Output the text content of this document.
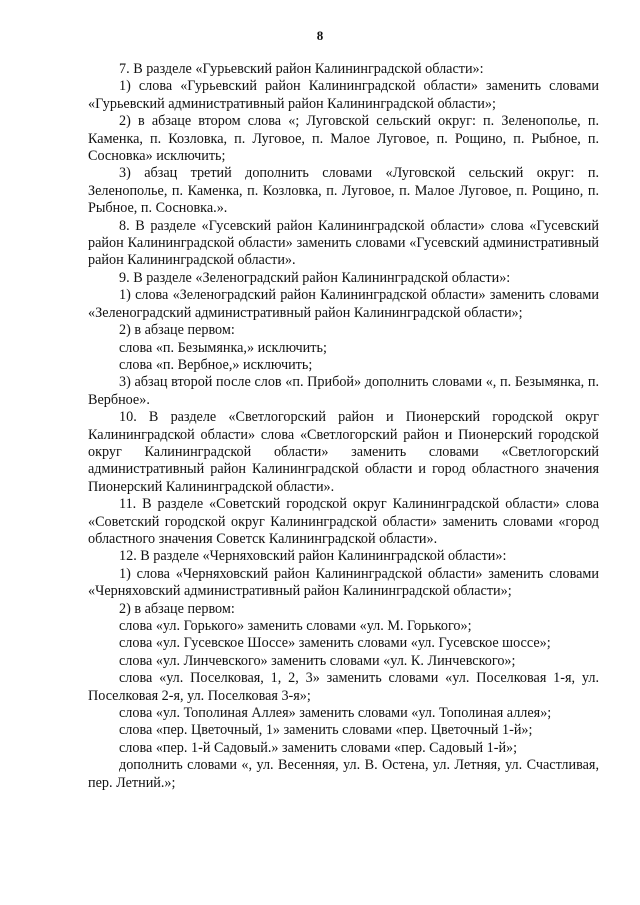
8

7. В разделе «Гурьевский район Калининградской области»:

1) слова «Гурьевский район Калининградской области» заменить словами «Гурьевский административный район Калининградской области»;

2) в абзаце втором слова «; Луговской сельский округ: п. Зеленополье, п. Каменка, п. Козловка, п. Луговое, п. Малое Луговое, п. Рощино, п. Рыбное, п. Сосновка» исключить;

3) абзац третий дополнить словами «Луговской сельский округ: п. Зеленополье, п. Каменка, п. Козловка, п. Луговое, п. Малое Луговое, п. Рощино, п. Рыбное, п. Сосновка.».

8. В разделе «Гусевский район Калининградской области» слова «Гусевский район Калининградской области» заменить словами «Гусевский административный район Калининградской области».

9. В разделе «Зеленоградский район Калининградской области»:

1) слова «Зеленоградский район Калининградской области» заменить словами «Зеленоградский административный район Калининградской области»;

2) в абзаце первом:

слова «п. Безымянка,» исключить;

слова «п. Вербное,» исключить;

3) абзац второй после слов «п. Прибой» дополнить словами «, п. Безымянка, п. Вербное».

10. В разделе «Светлогорский район и Пионерский городской округ Калининградской области» слова «Светлогорский район и Пионерский городской округ Калининградской области» заменить словами «Светлогорский административный район Калининградской области и город областного значения Пионерский Калининградской области».

11. В разделе «Советский городской округ Калининградской области» слова «Советский городской округ Калининградской области» заменить словами «город областного значения Советск Калининградской области».

12. В разделе «Черняховский район Калининградской области»:

1) слова «Черняховский район Калининградской области» заменить словами «Черняховский административный район Калининградской области»;

2) в абзаце первом:

слова «ул. Горького» заменить словами «ул. М. Горького»;

слова «ул. Гусевское Шоссе» заменить словами «ул. Гусевское шоссе»;

слова «ул. Линчевского» заменить словами «ул. К. Линчевского»;

слова «ул. Поселковая, 1, 2, 3» заменить словами «ул. Поселковая 1-я, ул. Поселковая 2-я, ул. Поселковая 3-я»;

слова «ул. Тополиная Аллея» заменить словами «ул. Тополиная аллея»;

слова «пер. Цветочный, 1» заменить словами «пер. Цветочный 1-й»;

слова «пер. 1-й Садовый.» заменить словами «пер. Садовый 1-й»;

дополнить словами «, ул. Весенняя, ул. В. Остена, ул. Летняя, ул. Счастливая, пер. Летний.»;
